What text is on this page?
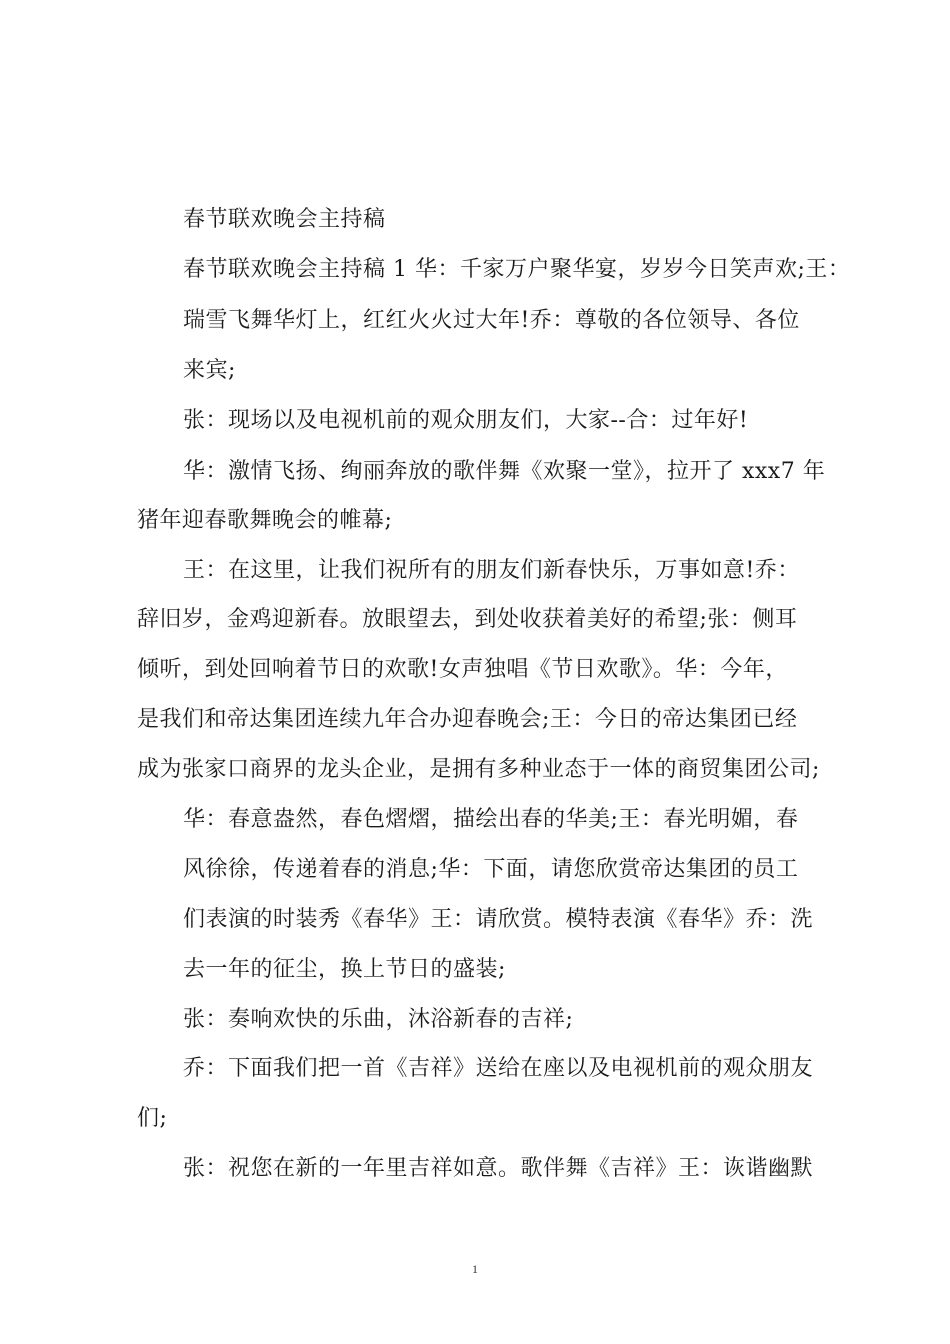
春节联欢晚会主持稿
春节联欢晚会主持稿 1 华：千家万户聚华宴，岁岁今日笑声欢;王：
瑞雪飞舞华灯上，红红火火过大年!乔：尊敬的各位领导、各位
来宾;
张：现场以及电视机前的观众朋友们，大家--合：过年好!
华：激情飞扬、绚丽奔放的歌伴舞《欢聚一堂》，拉开了 xxx7 年
猪年迎春歌舞晚会的帷幕;
王：在这里，让我们祝所有的朋友们新春快乐，万事如意!乔：
辞旧岁，金鸡迎新春。放眼望去，到处收获着美好的希望;张：侧耳
倾听，到处回响着节日的欢歌!女声独唱《节日欢歌》。华：今年，
是我们和帝达集团连续九年合办迎春晚会;王：今日的帝达集团已经
成为张家口商界的龙头企业，是拥有多种业态于一体的商贸集团公司;
华：春意盎然，春色熠熠，描绘出春的华美;王：春光明媚，春
风徐徐，传递着春的消息;华：下面，请您欣赏帝达集团的员工
们表演的时装秀《春华》王：请欣赏。模特表演《春华》乔：洗
去一年的征尘，换上节日的盛装;
张：奏响欢快的乐曲，沐浴新春的吉祥;
乔：下面我们把一首《吉祥》送给在座以及电视机前的观众朋友
们;
张：祝您在新的一年里吉祥如意。歌伴舞《吉祥》王：诙谐幽默
1
